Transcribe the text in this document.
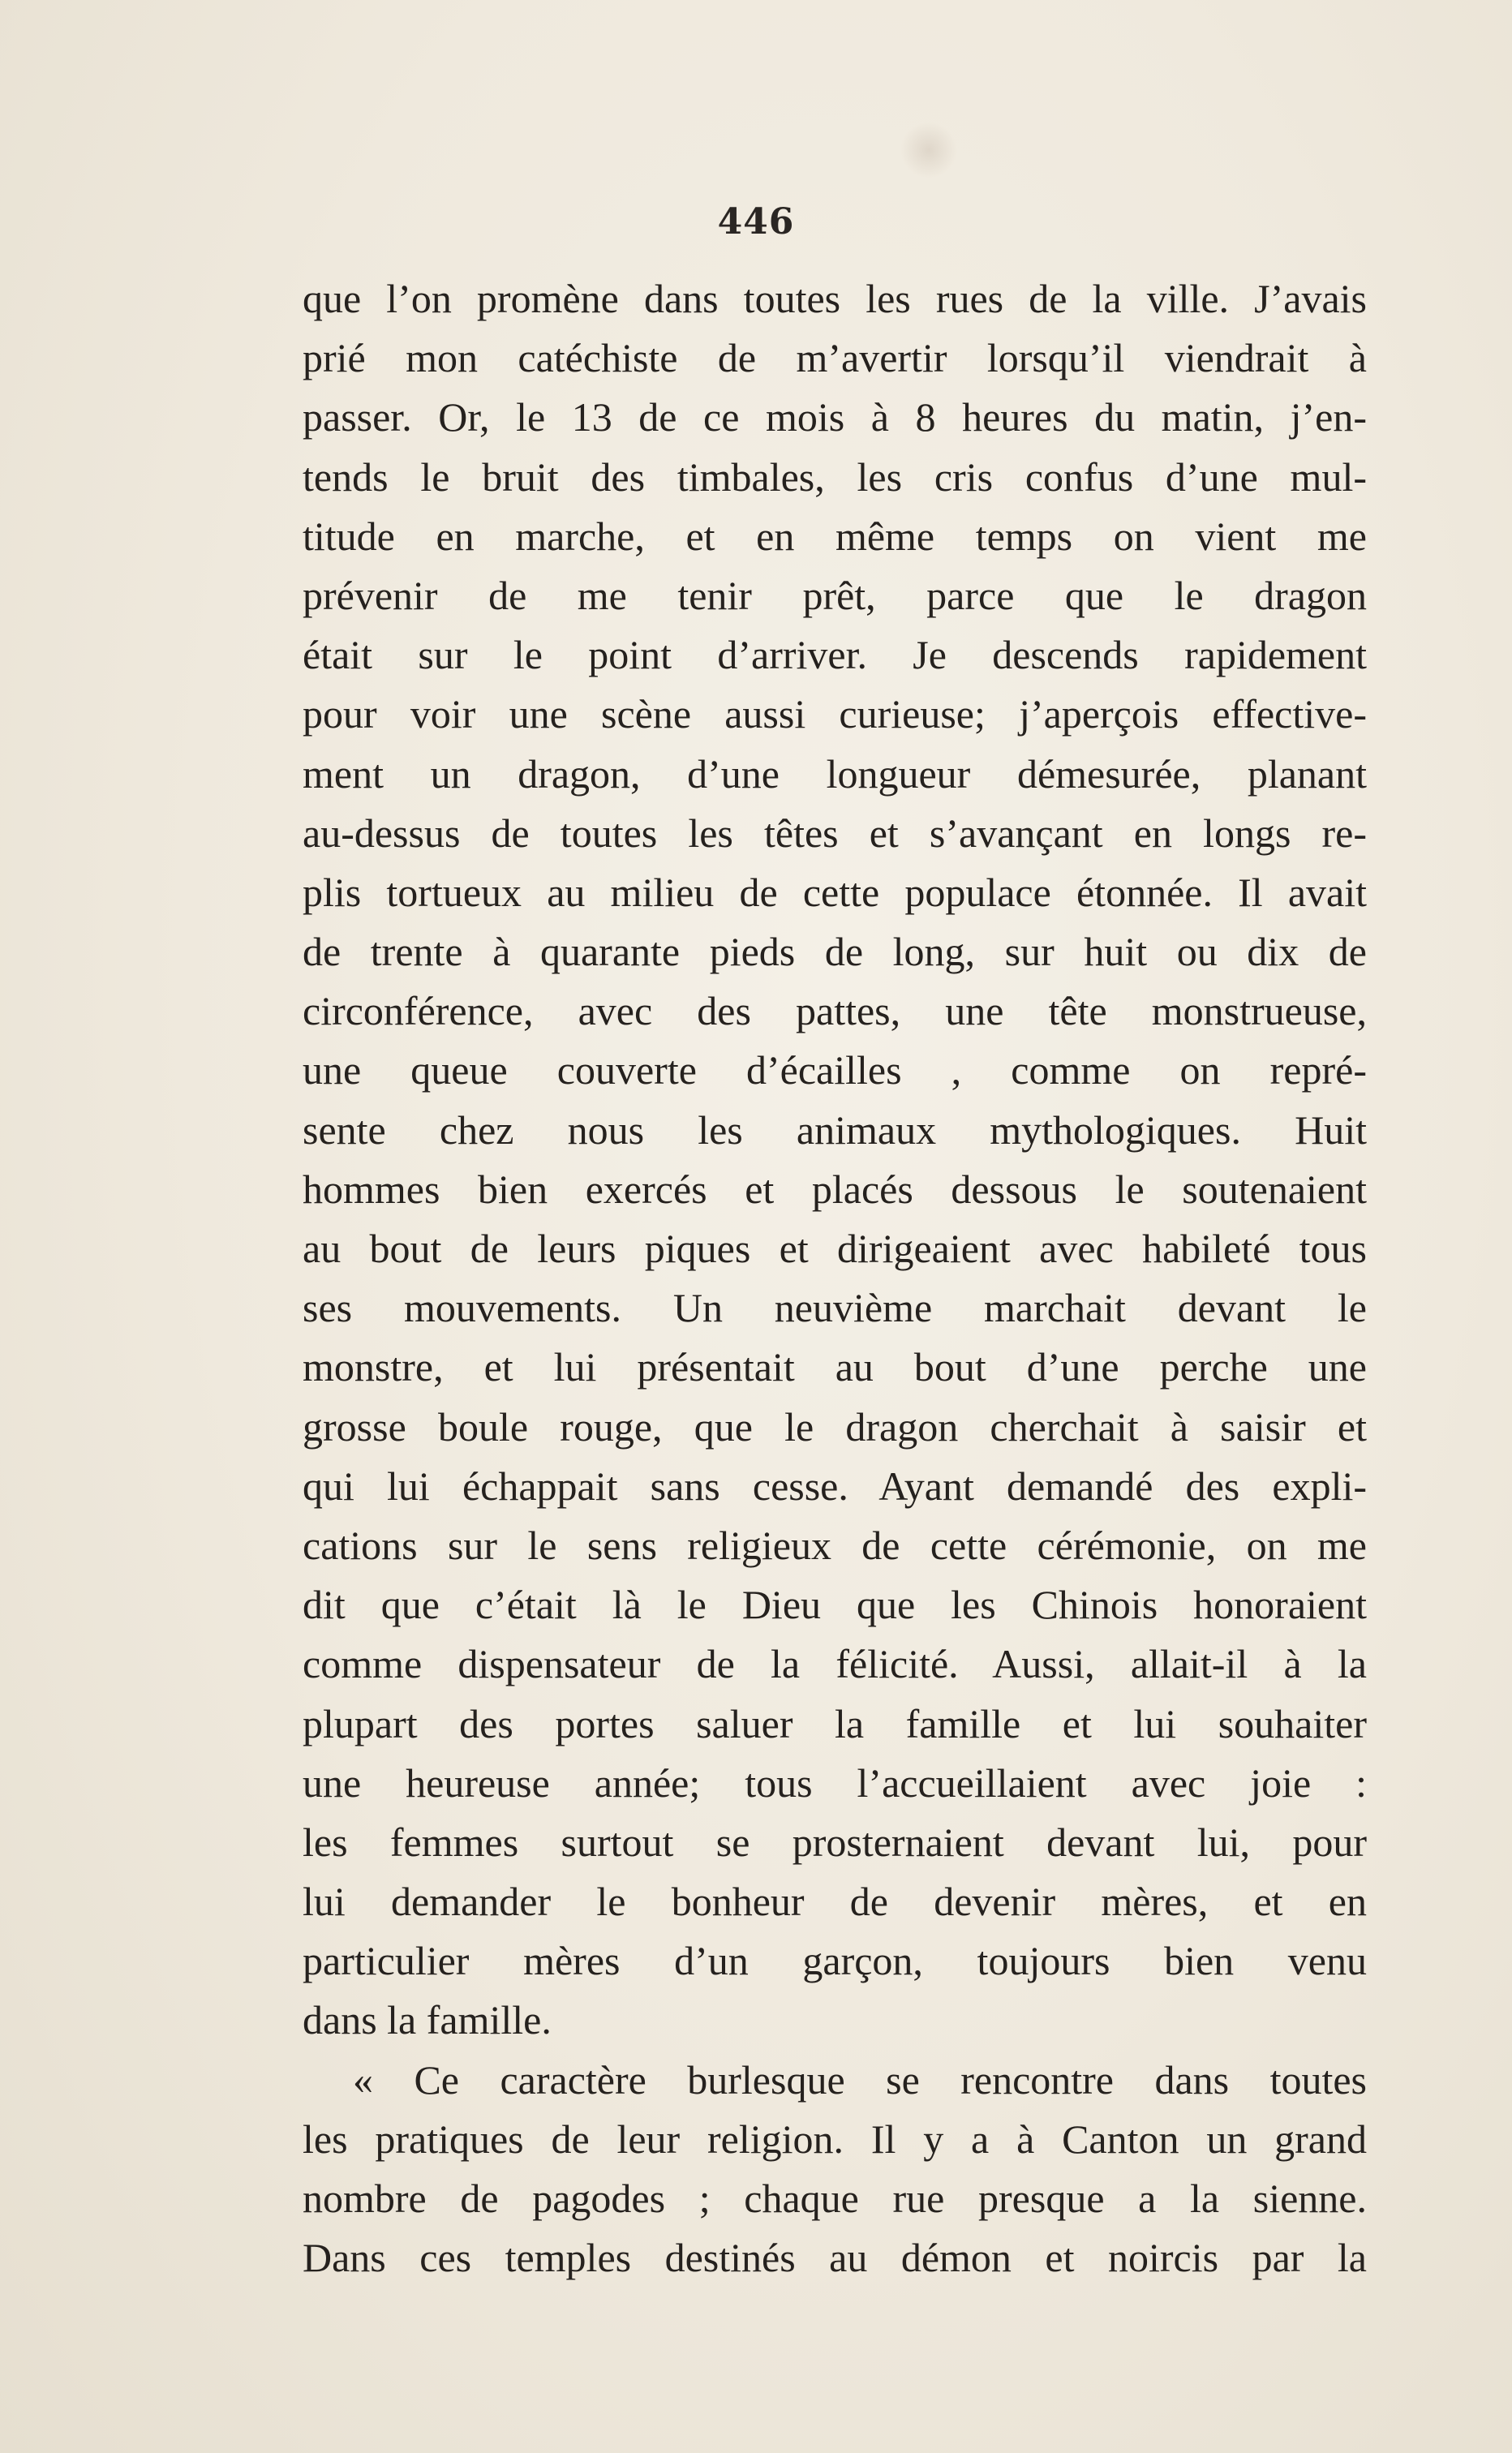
446
que l’on promène dans toutes les rues de la ville. J’avais
prié mon catéchiste de m’avertir lorsqu’il viendrait à
passer. Or, le 13 de ce mois à 8 heures du matin, j’en-
tends le bruit des timbales, les cris confus d’une mul-
titude en marche, et en même temps on vient me
prévenir de me tenir prêt, parce que le dragon
était sur le point d’arriver. Je descends rapidement
pour voir une scène aussi curieuse; j’aperçois effective-
ment un dragon, d’une longueur démesurée, planant
au-dessus de toutes les têtes et s’avançant en longs re-
plis tortueux au milieu de cette populace étonnée. Il avait
de trente à quarante pieds de long, sur huit ou dix de
circonférence, avec des pattes, une tête monstrueuse,
une queue couverte d’écailles , comme on repré-
sente chez nous les animaux mythologiques. Huit
hommes bien exercés et placés dessous le soutenaient
au bout de leurs piques et dirigeaient avec habileté tous
ses mouvements. Un neuvième marchait devant le
monstre, et lui présentait au bout d’une perche une
grosse boule rouge, que le dragon cherchait à saisir et
qui lui échappait sans cesse. Ayant demandé des expli-
cations sur le sens religieux de cette cérémonie, on me
dit que c’était là le Dieu que les Chinois honoraient
comme dispensateur de la félicité. Aussi, allait-il à la
plupart des portes saluer la famille et lui souhaiter
une heureuse année; tous l’accueillaient avec joie :
les femmes surtout se prosternaient devant lui, pour
lui demander le bonheur de devenir mères, et en
particulier mères d’un garçon, toujours bien venu
dans la famille.
« Ce caractère burlesque se rencontre dans toutes
les pratiques de leur religion. Il y a à Canton un grand
nombre de pagodes ; chaque rue presque a la sienne.
Dans ces temples destinés au démon et noircis par la
